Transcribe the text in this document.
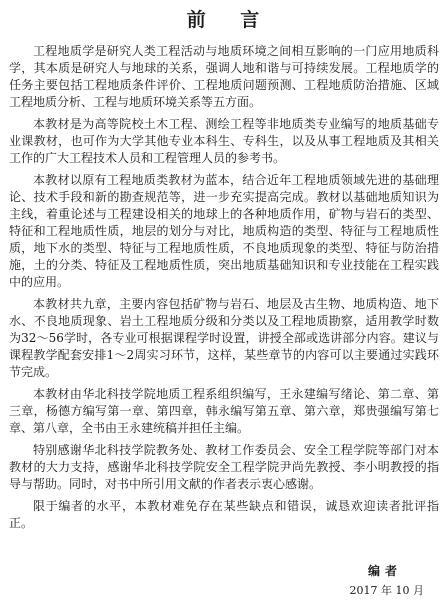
前 言

工程地质学是研究人类工程活动与地质环境之间相互影响的一门应用地质科学，其本质是研究人与地球的关系，强调人地和谐与可持续发展。工程地质学的任务主要包括工程地质条件评价、工程地质问题预测、工程地质防治措施、区域工程地质分析、工程与地质环境关系等五方面。

本教材是为高等院校土木工程、测绘工程等非地质类专业编写的地质基础专业课教材，也可作为大学其他专业本科生、专科生，以及从事工程地质及其相关工作的广大工程技术人员和工程管理人员的参考书。

本教材以原有工程地质类教材为蓝本，结合近年工程地质领域先进的基础理论、技术手段和新的勘查规范等，进一步充实提高完成。教材以基础地质知识为主线，着重论述与工程建设相关的地球上的各种地质作用，矿物与岩石的类型、特征和工程地质性质，地层的划分与对比，地质构造的类型、特征与工程地质性质，地下水的类型、特征与工程地质性质，不良地质现象的类型、特征与防治措施，土的分类、特征及工程地质性质，突出地质基础知识和专业技能在工程实践中的应用。

本教材共九章，主要内容包括矿物与岩石、地层及古生物、地质构造、地下水、不良地质现象、岩土工程地质分级和分类以及工程地质勘察，适用教学时数为32～56学时，各专业可根据课程学时设置，讲授全部或选讲部分内容。建议与课程教学配套安排1～2周实习环节，这样，某些章节的内容可以主要通过实践环节完成。

本教材由华北科技学院地质工程系组织编写，王永建编写绪论、第二章、第三章，杨德方编写第一章、第四章，韩永编写第五章、第六章，郑贵强编写第七章、第八章，全书由王永建统稿并担任主编。

特别感谢华北科技学院教务处、教材工作委员会、安全工程学院等部门对本教材的大力支持，感谢华北科技学院安全工程学院尹尚先教授、李小明教授的指导与帮助。同时，对书中所引用文献的作者表示衷心感谢。

限于编者的水平，本教材难免存在某些缺点和错误，诚恳欢迎读者批评指正。

编者
2017 年 10 月
